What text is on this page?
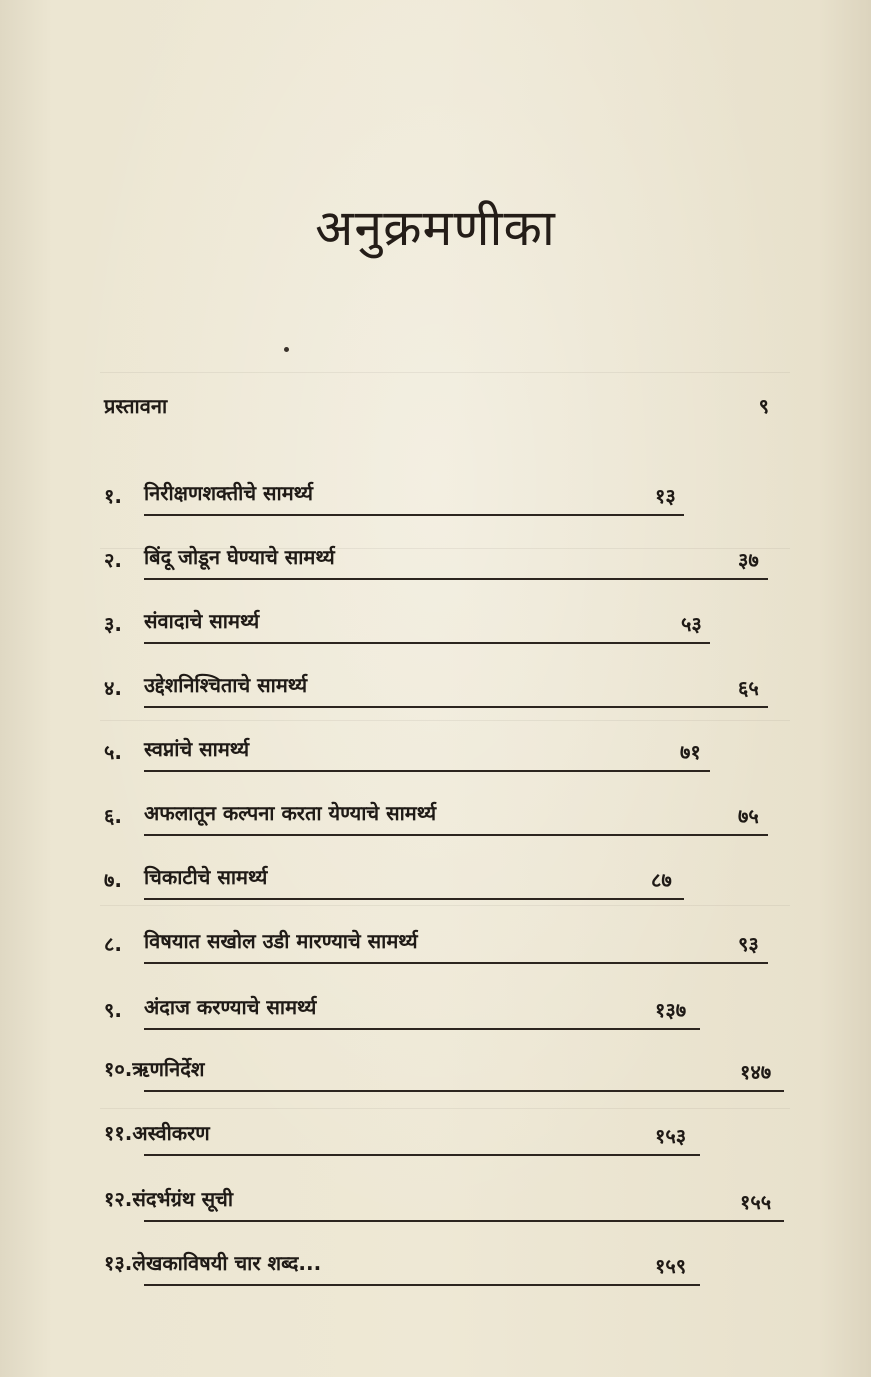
अनुक्रमणीका
प्रस्तावना	९
१. निरीक्षणशक्तीचे सामर्थ्य	१३
२. बिंदू जोडून घेण्याचे सामर्थ्य	३७
३. संवादाचे सामर्थ्य	५३
४. उद्देशनिश्चिताचे सामर्थ्य	६५
५. स्वप्नांचे सामर्थ्य	७१
६. अफलातून कल्पना करता येण्याचे सामर्थ्य	७५
७. चिकाटीचे सामर्थ्य	८७
८. विषयात सखोल उडी मारण्याचे सामर्थ्य	९३
९. अंदाज करण्याचे सामर्थ्य	१३७
१०.ऋणनिर्देश	१४७
११.अस्वीकरण	१५३
१२.संदर्भग्रंथ सूची	१५५
१३.लेखकाविषयी चार शब्द...	१५९
